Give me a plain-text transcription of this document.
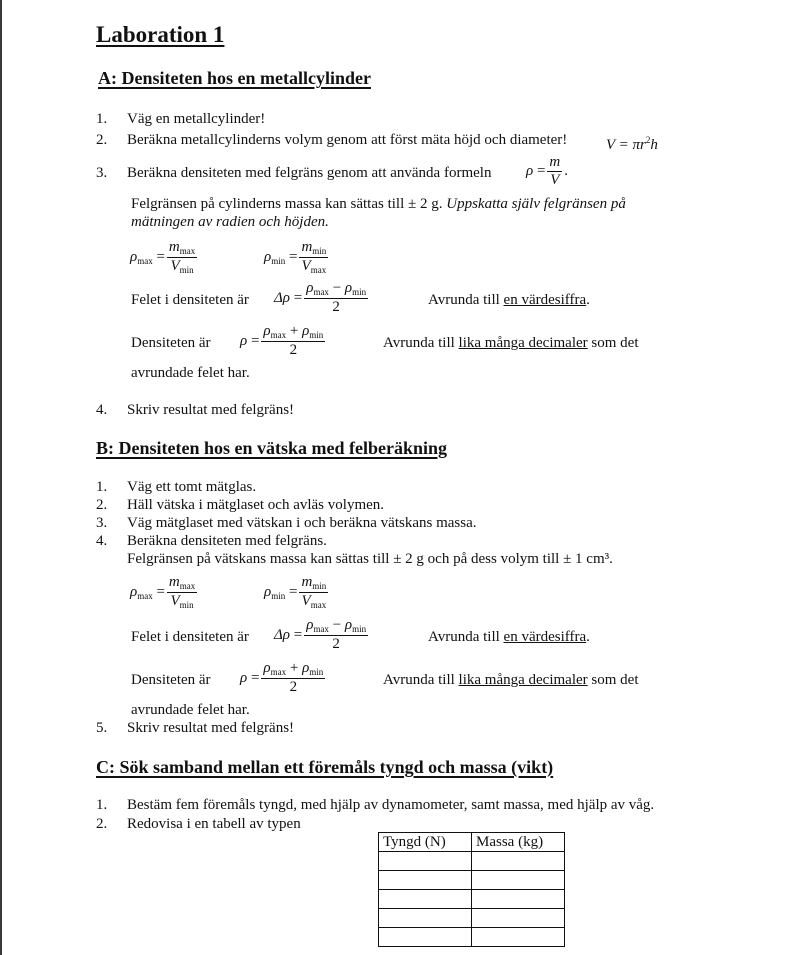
Laboration 1
A: Densiteten hos en metallcylinder
1. Väg en metallcylinder!
2. Beräkna metallcylinderns volym genom att först mäta höjd och diameter!	$V = \pi r^2h$
3. Beräkna densiteten med felgräns genom att använda formeln ρ
= $\frac{m}{V}$ .
Felgränsen på cylinderns massa kan sättas till ± 2 g. Uppskatta själv felgränsen på
mätningen av radien och höjden.
$\rho_{max}$
= $\frac{m_{max}}{V_{min}}$	$\rho_{min}$
= $\frac{m_{min}}{V_{max}}$
Felet i densiteten är Δρ
= $\frac{\rho_{max} - \rho_{min}}{2}$	Avrunda till en värdesiffra.
Densiteten är ρ
= $\frac{\rho_{max} + \rho_{min}}{2}$	Avrunda till lika många decimaler som det
avrundade felet har.
4. Skriv resultat med felgräns!
B: Densiteten hos en vätska med felberäkning
1. Väg ett tomt mätglas.
2. Häll vätska i mätglaset och avläs volymen.
3. Väg mätglaset med vätskan i och beräkna vätskans massa.
4. Beräkna densiteten med felgräns.
Felgränsen på vätskans massa kan sättas till ± 2 g och på dess volym till ± 1 cm³.
$\rho_{max}$
= $\frac{m_{max}}{V_{min}}$	$\rho_{min}$
= $\frac{m_{min}}{V_{max}}$
Felet i densiteten är Δρ
= $\frac{\rho_{max} - \rho_{min}}{2}$	Avrunda till en värdesiffra.
Densiteten är ρ
= $\frac{\rho_{max} + \rho_{min}}{2}$	Avrunda till lika många decimaler som det
avrundade felet har.
5. Skriv resultat med felgräns!
C: Sök samband mellan ett föremåls tyngd och massa (vikt)
1. Bestäm fem föremåls tyngd, med hjälp av dynamometer, samt massa, med hjälp av våg.
2. Redovisa i en tabell av typen
Tyngd (N)	Massa (kg)
